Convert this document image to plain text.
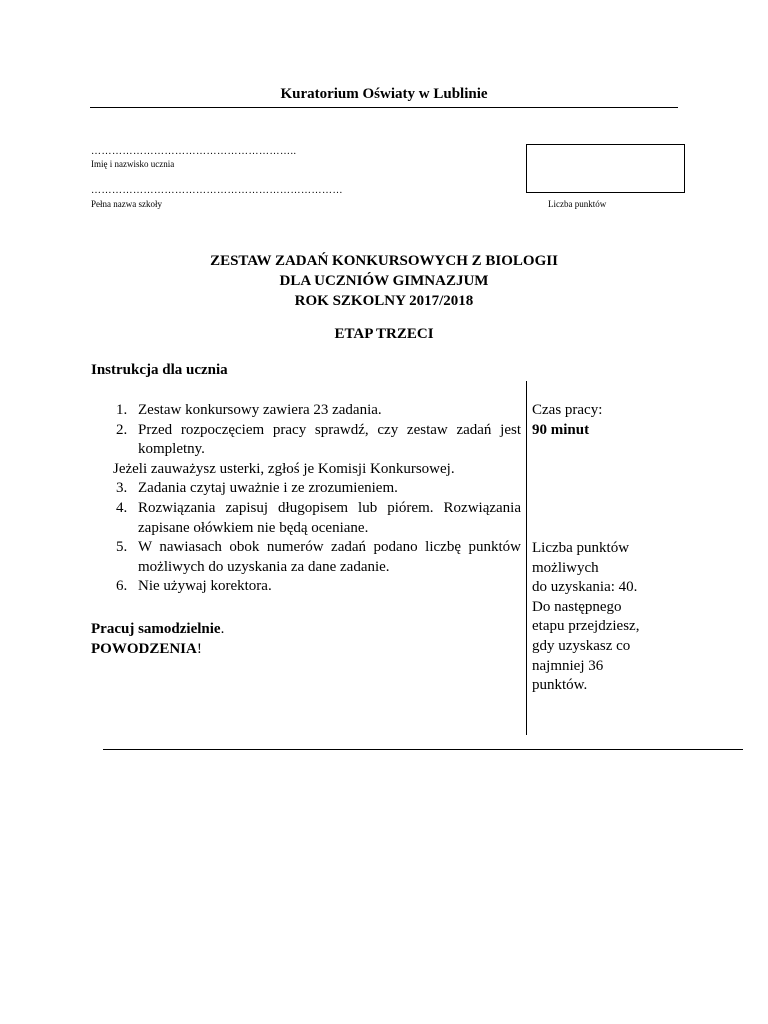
Kuratorium Oświaty w Lublinie
…………………………………………………..
Imię i nazwisko ucznia
………………………………………………………………
Pełna nazwa szkoły	Liczba punktów
ZESTAW ZADAŃ KONKURSOWYCH Z BIOLOGII
DLA UCZNIÓW GIMNAZJUM
ROK SZKOLNY 2017/2018
ETAP TRZECI
Instrukcja dla ucznia
1. Zestaw konkursowy zawiera 23 zadania.
2. Przed rozpoczęciem pracy sprawdź, czy zestaw zadań jest kompletny.
Jeżeli zauważysz usterki, zgłoś je Komisji Konkursowej.
3. Zadania czytaj uważnie i ze zrozumieniem.
4. Rozwiązania zapisuj długopisem lub piórem. Rozwiązania zapisane ołówkiem nie będą oceniane.
5. W nawiasach obok numerów zadań podano liczbę punktów możliwych do uzyskania za dane zadanie.
6. Nie używaj korektora.
Pracuj samodzielnie.
POWODZENIA!
Czas pracy:
90 minut
Liczba punktów
możliwych
do uzyskania: 40.
Do następnego
etapu przejdziesz,
gdy uzyskasz co
najmniej 36
punktów.
